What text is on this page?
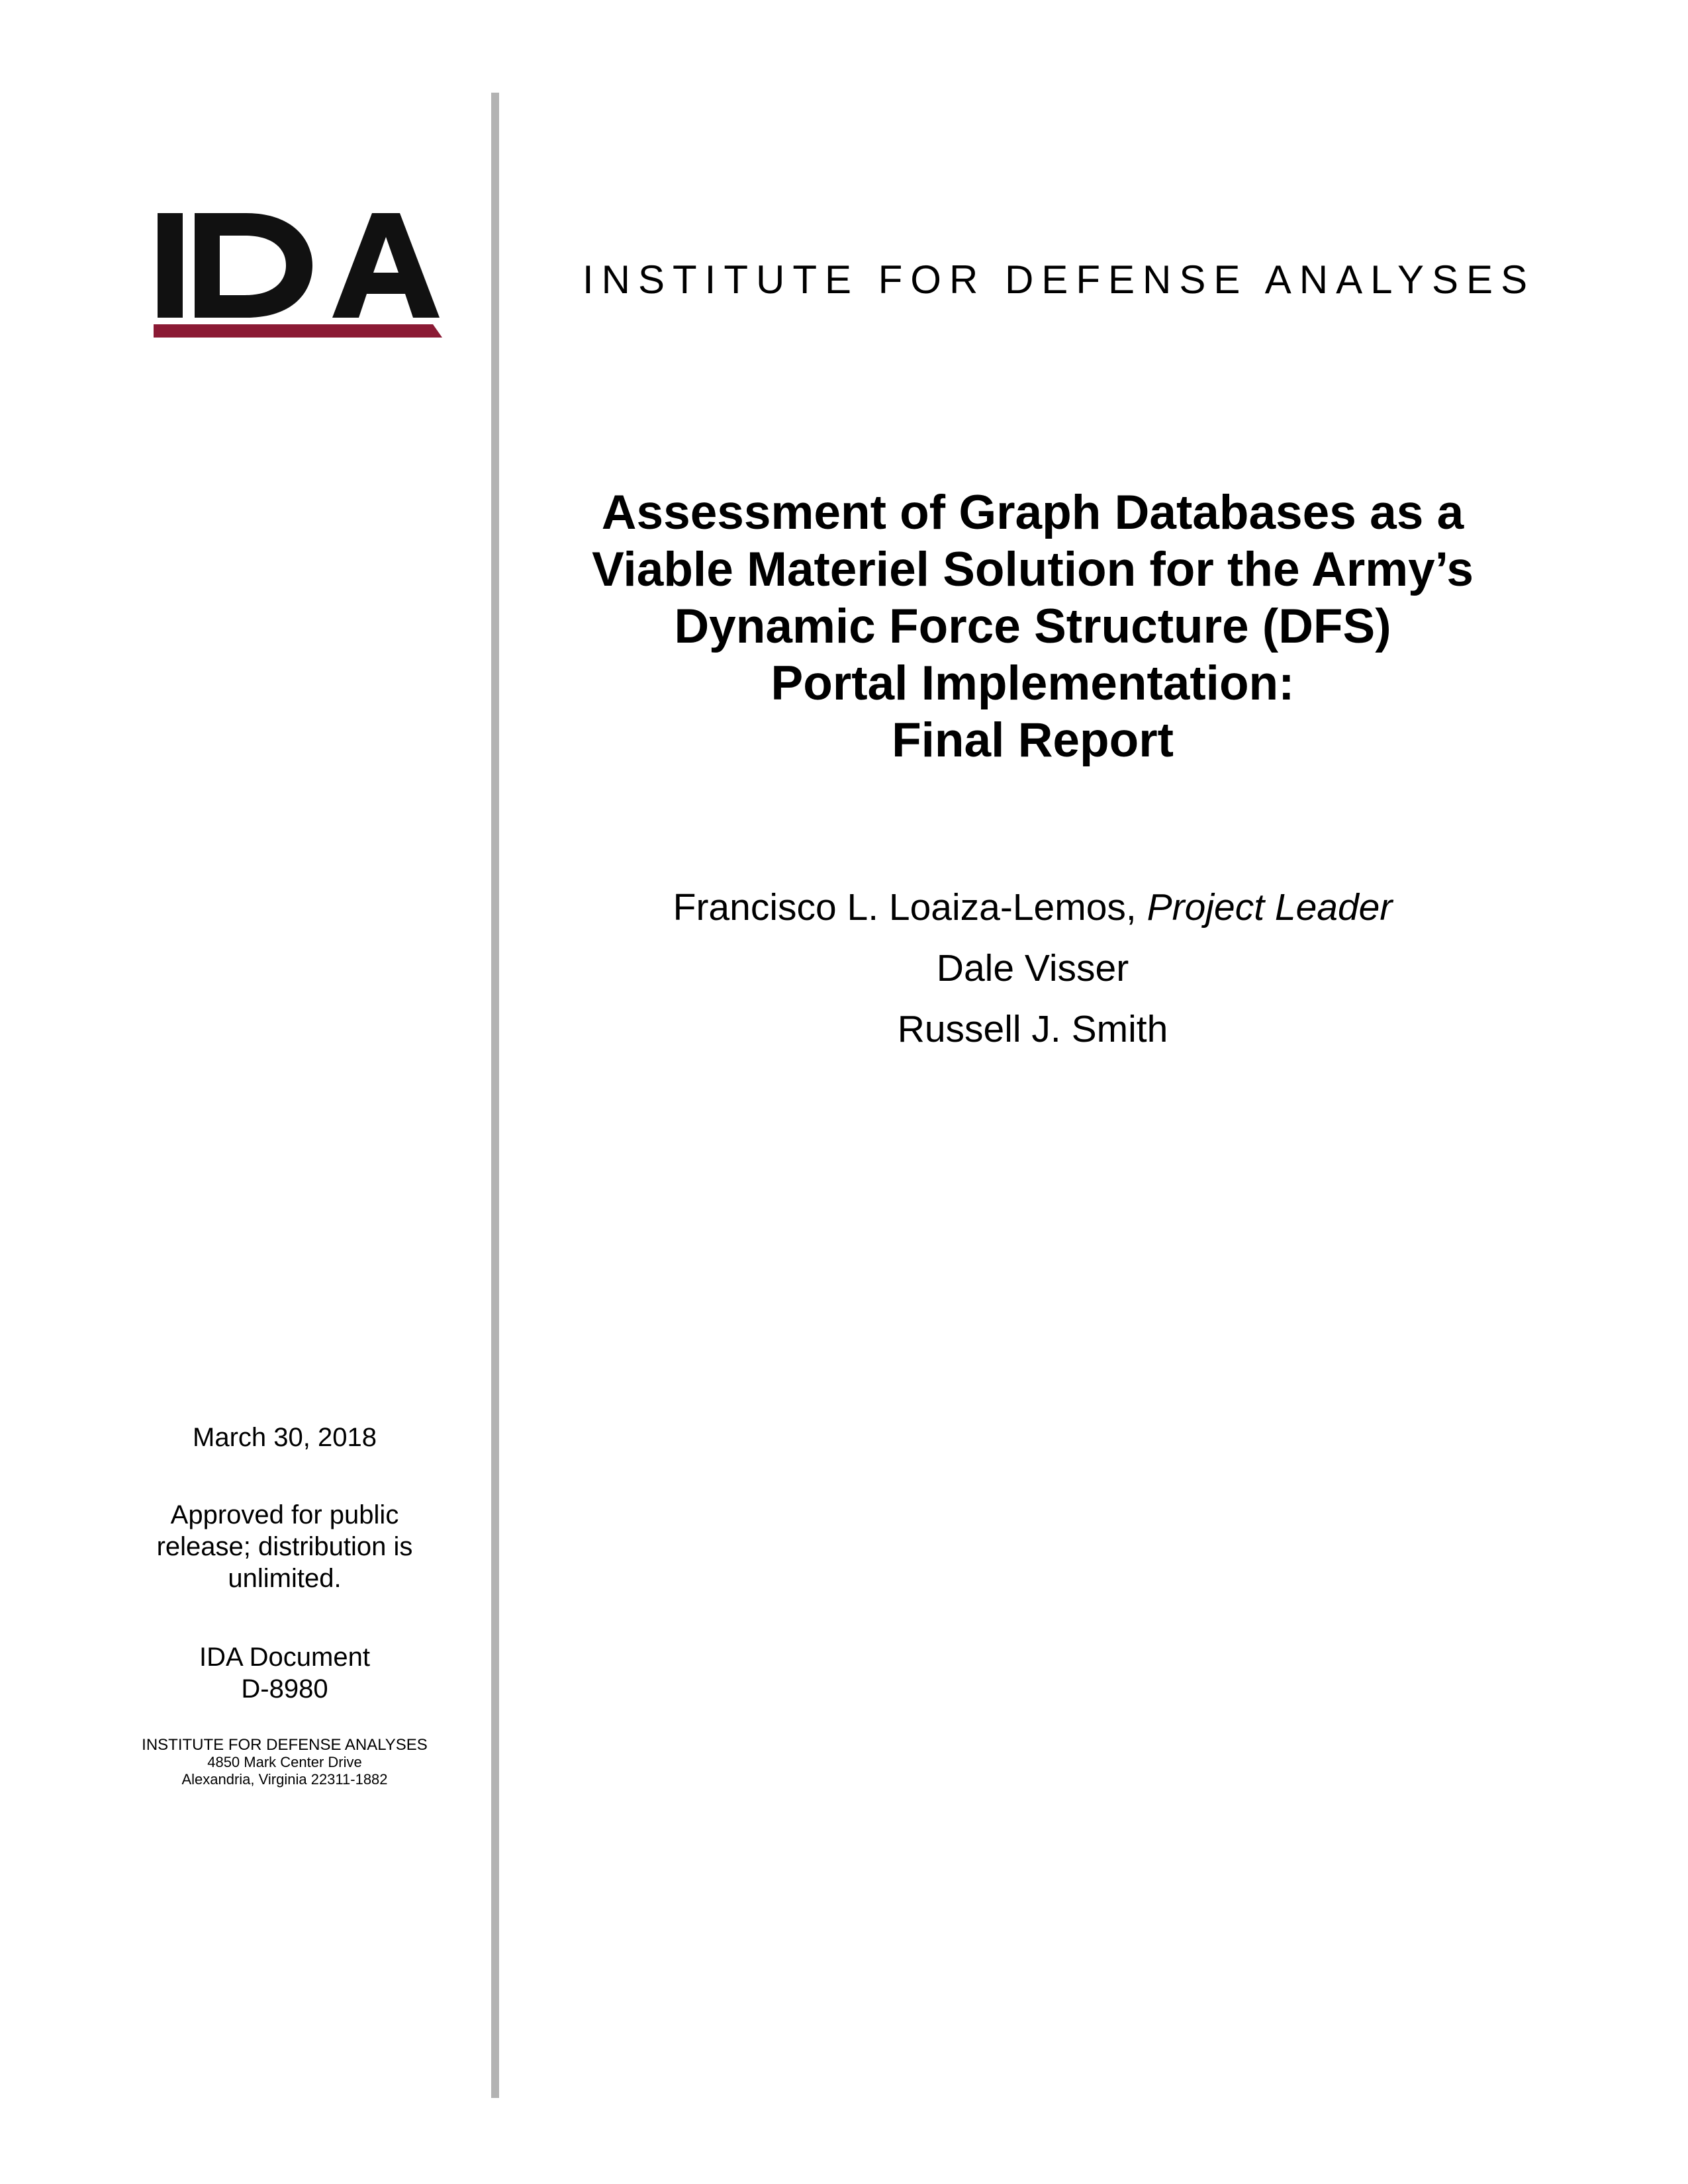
INSTITUTE FOR DEFENSE ANALYSES
Assessment of Graph Databases as a
Viable Materiel Solution for the Army’s
Dynamic Force Structure (DFS)
Portal Implementation:
Final Report
Francisco L. Loaiza-Lemos, Project Leader
Dale Visser
Russell J. Smith
March 30, 2018
Approved for public
release; distribution is
unlimited.
IDA Document
D-8980
INSTITUTE FOR DEFENSE ANALYSES
4850 Mark Center Drive
Alexandria, Virginia 22311-1882
